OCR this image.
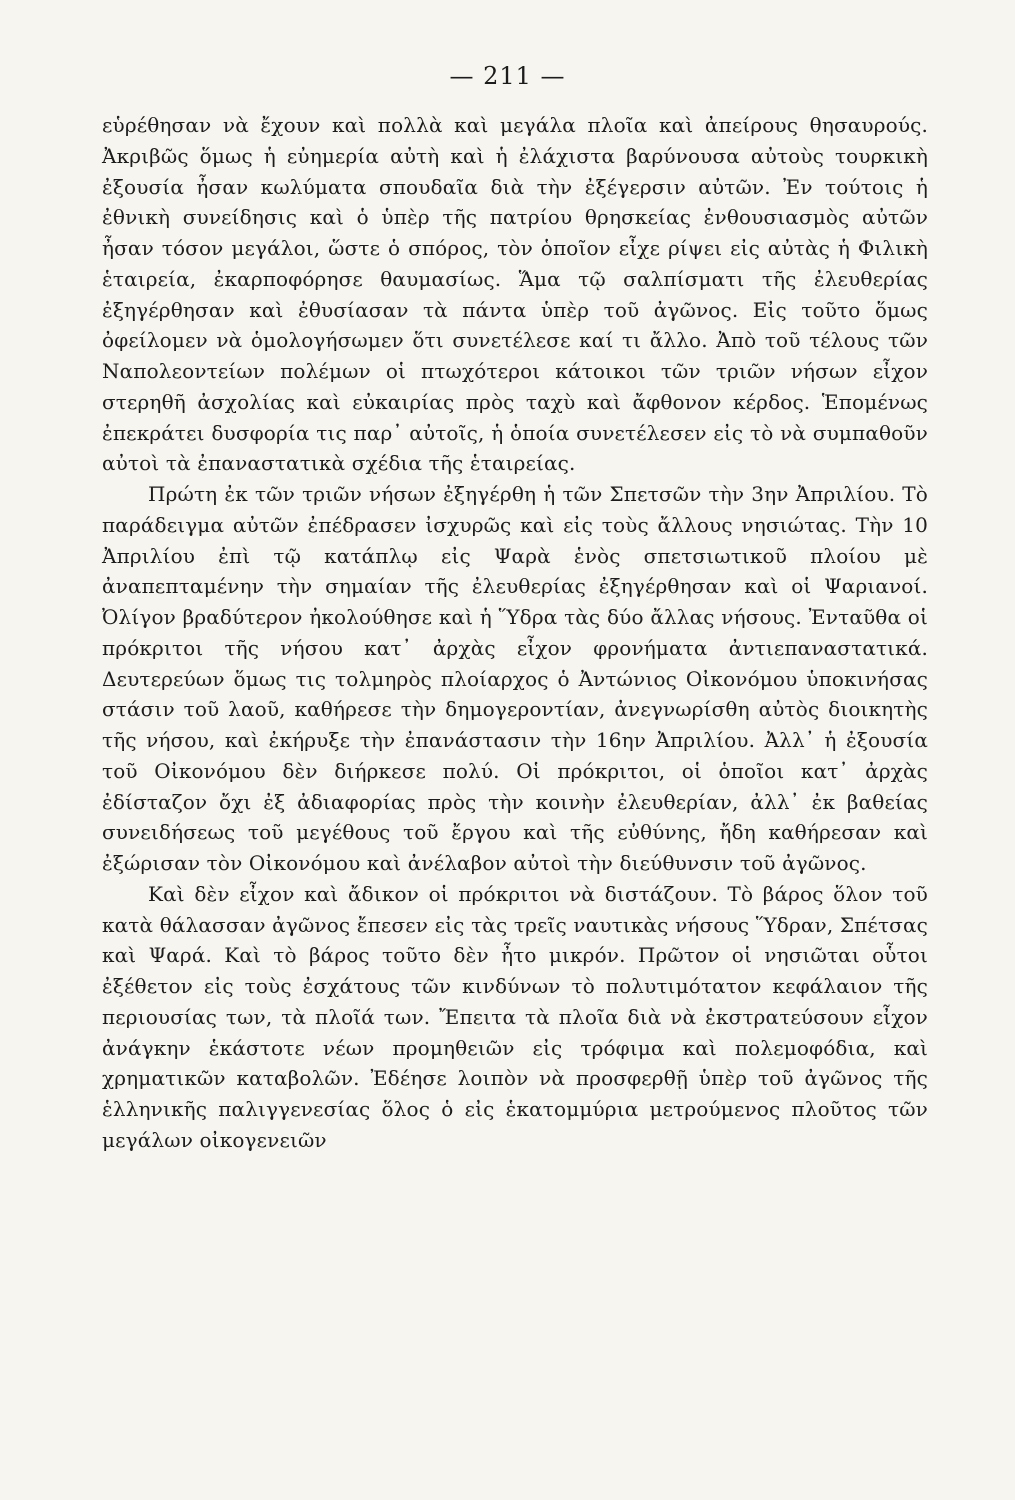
— 211 —

εὑρέθησαν νὰ ἔχουν καὶ πολλὰ καὶ μεγάλα πλοῖα καὶ ἀπείρους θησαυρούς. Ἀκριβῶς ὅμως ἡ εὐημερία αὐτὴ καὶ ἡ ἐλάχιστα βαρύνουσα αὐτοὺς τουρκικὴ ἐξουσία ἦσαν κωλύματα σπουδαῖα διὰ τὴν ἐξέγερσιν αὐτῶν. Ἐν τούτοις ἡ ἐθνικὴ συνείδησις καὶ ὁ ὑπὲρ τῆς πατρίου θρησκείας ἐνθουσιασμὸς αὐτῶν ἦσαν τόσον μεγάλοι, ὥστε ὁ σπόρος, τὸν ὁποῖον εἶχε ρίψει εἰς αὐτὰς ἡ Φιλικὴ ἑταιρεία, ἐκαρποφόρησε θαυμασίως. Ἅμα τῷ σαλπίσματι τῆς ἐλευθερίας ἐξηγέρθησαν καὶ ἐθυσίασαν τὰ πάντα ὑπὲρ τοῦ ἀγῶνος. Εἰς τοῦτο ὅμως ὀφείλομεν νὰ ὁμολογήσωμεν ὅτι συνετέλεσε καί τι ἄλλο. Ἀπὸ τοῦ τέλους τῶν Ναπολεοντείων πολέμων οἱ πτωχότεροι κάτοικοι τῶν τριῶν νήσων εἶχον στερηθῆ ἀσχολίας καὶ εὐκαιρίας πρὸς ταχὺ καὶ ἄφθονον κέρδος. Ἑπομένως ἐπεκράτει δυσφορία τις παρ᾽ αὐτοῖς, ἡ ὁποία συνετέλεσεν εἰς τὸ νὰ συμπαθοῦν αὐτοὶ τὰ ἐπαναστατικὰ σχέδια τῆς ἑταιρείας.

Πρώτη ἐκ τῶν τριῶν νήσων ἐξηγέρθη ἡ τῶν Σπετσῶν τὴν 3ην Ἀπριλίου. Τὸ παράδειγμα αὐτῶν ἐπέδρασεν ἰσχυρῶς καὶ εἰς τοὺς ἄλλους νησιώτας. Τὴν 10 Ἀπριλίου ἐπὶ τῷ κατάπλῳ εἰς Ψαρὰ ἑνὸς σπετσιωτικοῦ πλοίου μὲ ἀναπεπταμένην τὴν σημαίαν τῆς ἐλευθερίας ἐξηγέρθησαν καὶ οἱ Ψαριανοί. Ὀλίγον βραδύτερον ἠκολούθησε καὶ ἡ Ὕδρα τὰς δύο ἄλλας νήσους. Ἐνταῦθα οἱ πρόκριτοι τῆς νήσου κατ᾽ ἀρχὰς εἶχον φρονήματα ἀντιεπαναστατικά. Δευτερεύων ὅμως τις τολμηρὸς πλοίαρχος ὁ Ἀντώνιος Οἰκονόμου ὑποκινήσας στάσιν τοῦ λαοῦ, καθήρεσε τὴν δημογεροντίαν, ἀνεγνωρίσθη αὐτὸς διοικητὴς τῆς νήσου, καὶ ἐκήρυξε τὴν ἐπανάστασιν τὴν 16ην Ἀπριλίου. Ἀλλ᾽ ἡ ἐξουσία τοῦ Οἰκονόμου δὲν διήρκεσε πολύ. Οἱ πρόκριτοι, οἱ ὁποῖοι κατ᾽ ἀρχὰς ἐδίσταζον ὄχι ἐξ ἀδιαφορίας πρὸς τὴν κοινὴν ἐλευθερίαν, ἀλλ᾽ ἐκ βαθείας συνειδήσεως τοῦ μεγέθους τοῦ ἔργου καὶ τῆς εὐθύνης, ἤδη καθήρεσαν καὶ ἐξώρισαν τὸν Οἰκονόμου καὶ ἀνέλαβον αὐτοὶ τὴν διεύθυνσιν τοῦ ἀγῶνος.

Καὶ δὲν εἶχον καὶ ἄδικον οἱ πρόκριτοι νὰ διστάζουν. Τὸ βάρος ὅλον τοῦ κατὰ θάλασσαν ἀγῶνος ἔπεσεν εἰς τὰς τρεῖς ναυτικὰς νήσους Ὕδραν, Σπέτσας καὶ Ψαρά. Καὶ τὸ βάρος τοῦτο δὲν ἦτο μικρόν. Πρῶτον οἱ νησιῶται οὗτοι ἐξέθετον εἰς τοὺς ἐσχάτους τῶν κινδύνων τὸ πολυτιμότατον κεφάλαιον τῆς περιουσίας των, τὰ πλοῖά των. Ἔπειτα τὰ πλοῖα διὰ νὰ ἐκστρατεύσουν εἶχον ἀνάγκην ἑκάστοτε νέων προμηθειῶν εἰς τρόφιμα καὶ πολεμοφόδια, καὶ χρηματικῶν καταβολῶν. Ἐδέησε λοιπὸν νὰ προσφερθῇ ὑπὲρ τοῦ ἀγῶνος τῆς ἑλληνικῆς παλιγγενεσίας ὅλος ὁ εἰς ἑκατομμύρια μετρούμενος πλοῦτος τῶν μεγάλων οἰκογενειῶν
